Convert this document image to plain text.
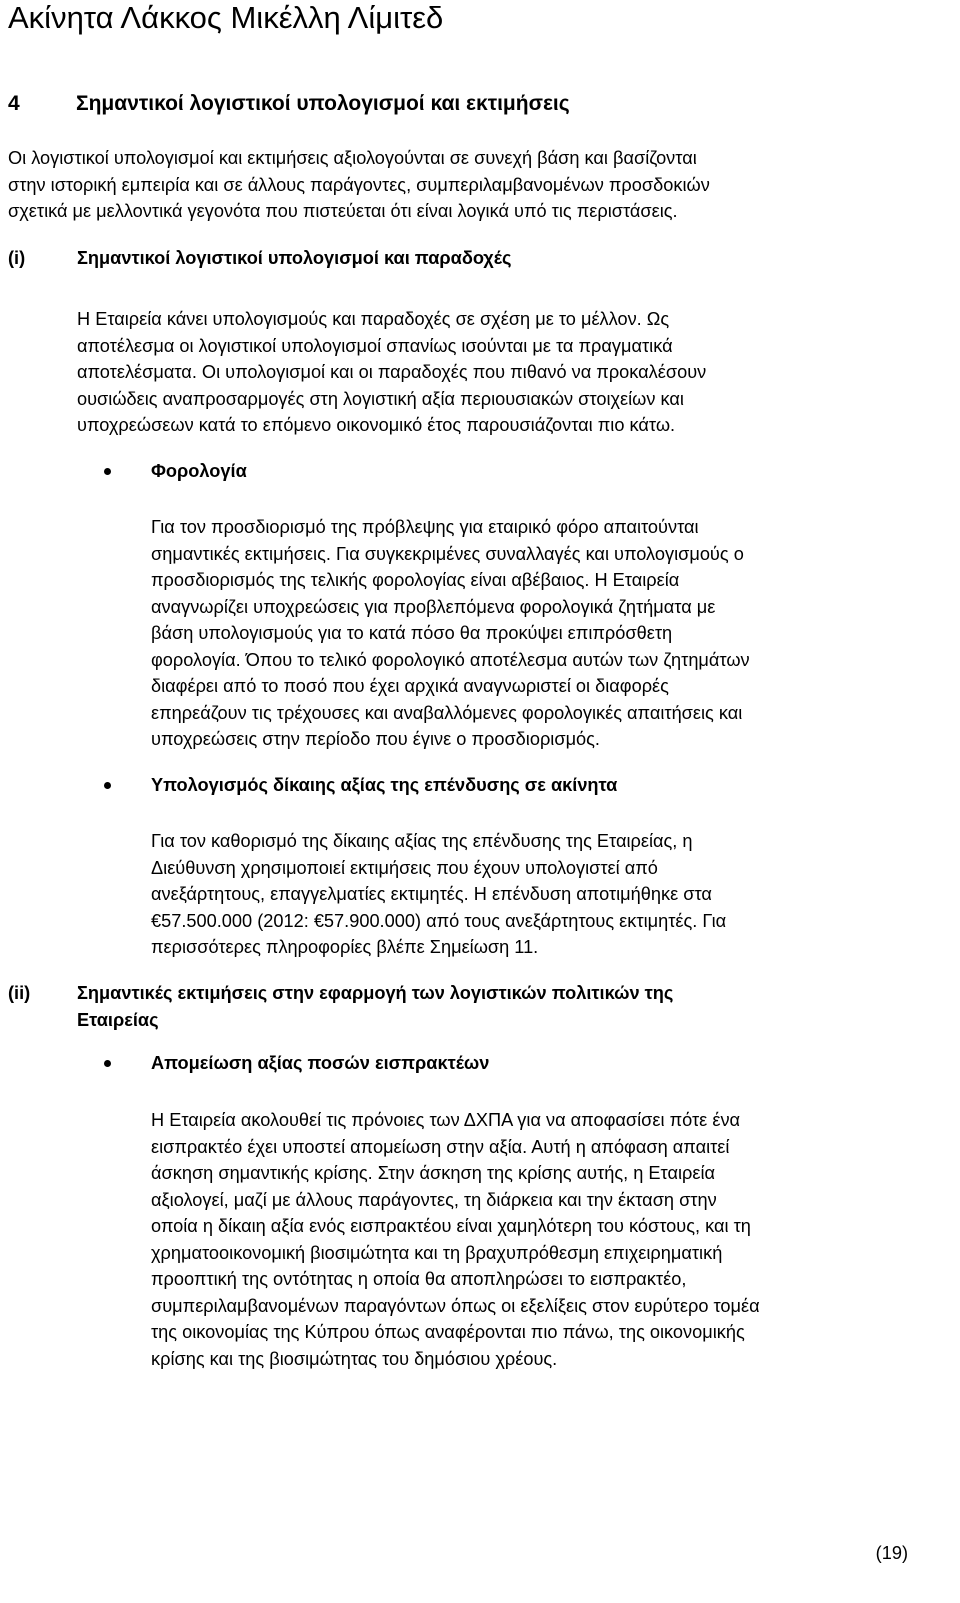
Ακίνητα Λάκκος Μικέλλη Λίμιτεδ
4	Σημαντικοί λογιστικοί υπολογισμοί και εκτιμήσεις
Οι λογιστικοί υπολογισμοί και εκτιμήσεις αξιολογούνται σε συνεχή βάση και βασίζονται
στην ιστορική εμπειρία και σε άλλους παράγοντες, συμπεριλαμβανομένων προσδοκιών
σχετικά με μελλοντικά γεγονότα που πιστεύεται ότι είναι λογικά υπό τις περιστάσεις.
(i)	Σημαντικοί λογιστικοί υπολογισμοί και παραδοχές
Η Εταιρεία κάνει υπολογισμούς και παραδοχές σε σχέση με το μέλλον. Ως
αποτέλεσμα οι λογιστικοί υπολογισμοί σπανίως ισούνται με τα πραγματικά
αποτελέσματα. Οι υπολογισμοί και οι παραδοχές που πιθανό να προκαλέσουν
ουσιώδεις αναπροσαρμογές στη λογιστική αξία περιουσιακών στοιχείων και
υποχρεώσεων κατά το επόμενο οικονομικό έτος παρουσιάζονται πιο κάτω.
Φορολογία
Για τον προσδιορισμό της πρόβλεψης για εταιρικό φόρο απαιτούνται
σημαντικές εκτιμήσεις. Για συγκεκριμένες συναλλαγές και υπολογισμούς ο
προσδιορισμός της τελικής φορολογίας είναι αβέβαιος. Η Εταιρεία
αναγνωρίζει υποχρεώσεις για προβλεπόμενα φορολογικά ζητήματα με
βάση υπολογισμούς για το κατά πόσο θα προκύψει επιπρόσθετη
φορολογία. Όπου το τελικό φορολογικό αποτέλεσμα αυτών των ζητημάτων
διαφέρει από το ποσό που έχει αρχικά αναγνωριστεί οι διαφορές
επηρεάζουν τις τρέχουσες και αναβαλλόμενες φορολογικές απαιτήσεις και
υποχρεώσεις στην περίοδο που έγινε ο προσδιορισμός.
Υπολογισμός δίκαιης αξίας της επένδυσης σε ακίνητα
Για τον καθορισμό της δίκαιης αξίας της επένδυσης της Εταιρείας, η
Διεύθυνση χρησιμοποιεί εκτιμήσεις που έχουν υπολογιστεί από
ανεξάρτητους, επαγγελματίες εκτιμητές. Η επένδυση αποτιμήθηκε στα
€57.500.000 (2012: €57.900.000) από τους ανεξάρτητους εκτιμητές. Για
περισσότερες πληροφορίες βλέπε Σημείωση 11.
(ii)	Σημαντικές εκτιμήσεις στην εφαρμογή των λογιστικών πολιτικών της
Εταιρείας
Απομείωση αξίας ποσών εισπρακτέων
Η Εταιρεία ακολουθεί τις πρόνοιες των ΔΧΠΑ για να αποφασίσει πότε ένα
εισπρακτέο έχει υποστεί απομείωση στην αξία. Αυτή η απόφαση απαιτεί
άσκηση σημαντικής κρίσης. Στην άσκηση της κρίσης αυτής, η Εταιρεία
αξιολογεί, μαζί με άλλους παράγοντες, τη διάρκεια και την έκταση στην
οποία η δίκαιη αξία ενός εισπρακτέου είναι χαμηλότερη του κόστους, και τη
χρηματοοικονομική βιοσιμώτητα και τη βραχυπρόθεσμη επιχειρηματική
προοπτική της οντότητας η οποία θα αποπληρώσει το εισπρακτέο,
συμπεριλαμβανομένων παραγόντων όπως οι εξελίξεις στον ευρύτερο τομέα
της οικονομίας της Κύπρου όπως αναφέρονται πιο πάνω, της οικονομικής
κρίσης και της βιοσιμώτητας του δημόσιου χρέους.
(19)
